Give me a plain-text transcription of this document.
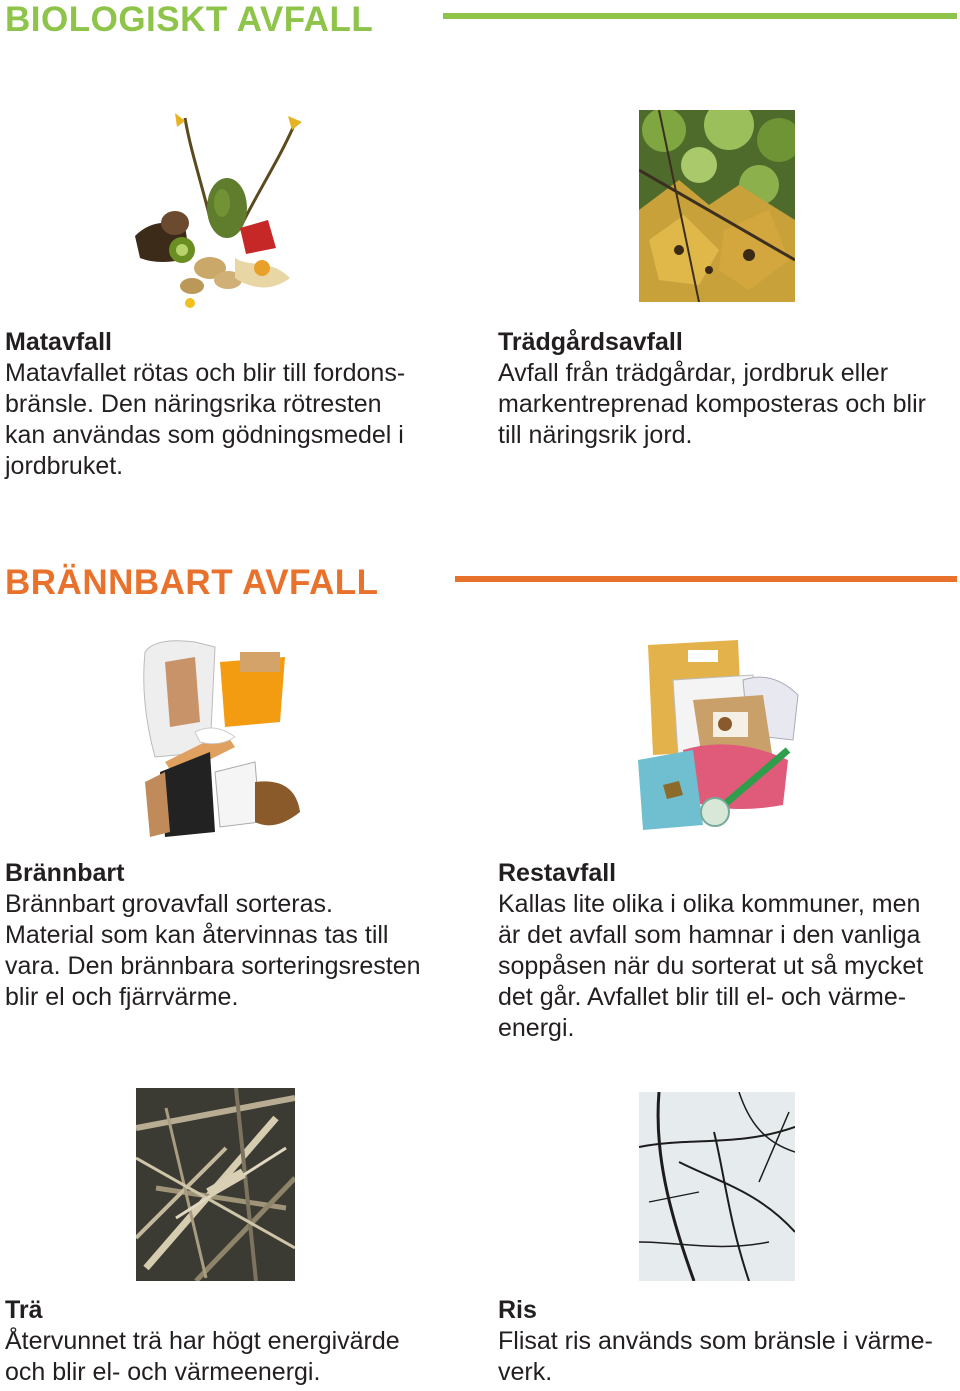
BIOLOGISKT AVFALL
Matavfall

Matavfallet rötas och blir till fordons-

bränsle. Den näringsrika rötresten

kan användas som gödningsmedel i

jordbruket.

Trädgårdsavfall

Avfall från trädgårdar, jordbruk eller

markentreprenad komposteras och blir

till näringsrik jord.

BRÄNNBART AVFALL
Brännbart

Brännbart grovavfall sorteras.

Material som kan återvinnas tas till

vara. Den brännbara sorteringsresten

blir el och fjärrvärme.

Restavfall

Kallas lite olika i olika kommuner, men

är det avfall som hamnar i den vanliga

soppåsen när du sorterat ut så mycket

det går. Avfallet blir till el- och värme-

energi.

Trä

Återvunnet trä har högt energivärde

och blir el- och värmeenergi.

Ris

Flisat ris används som bränsle i värme-

verk.
